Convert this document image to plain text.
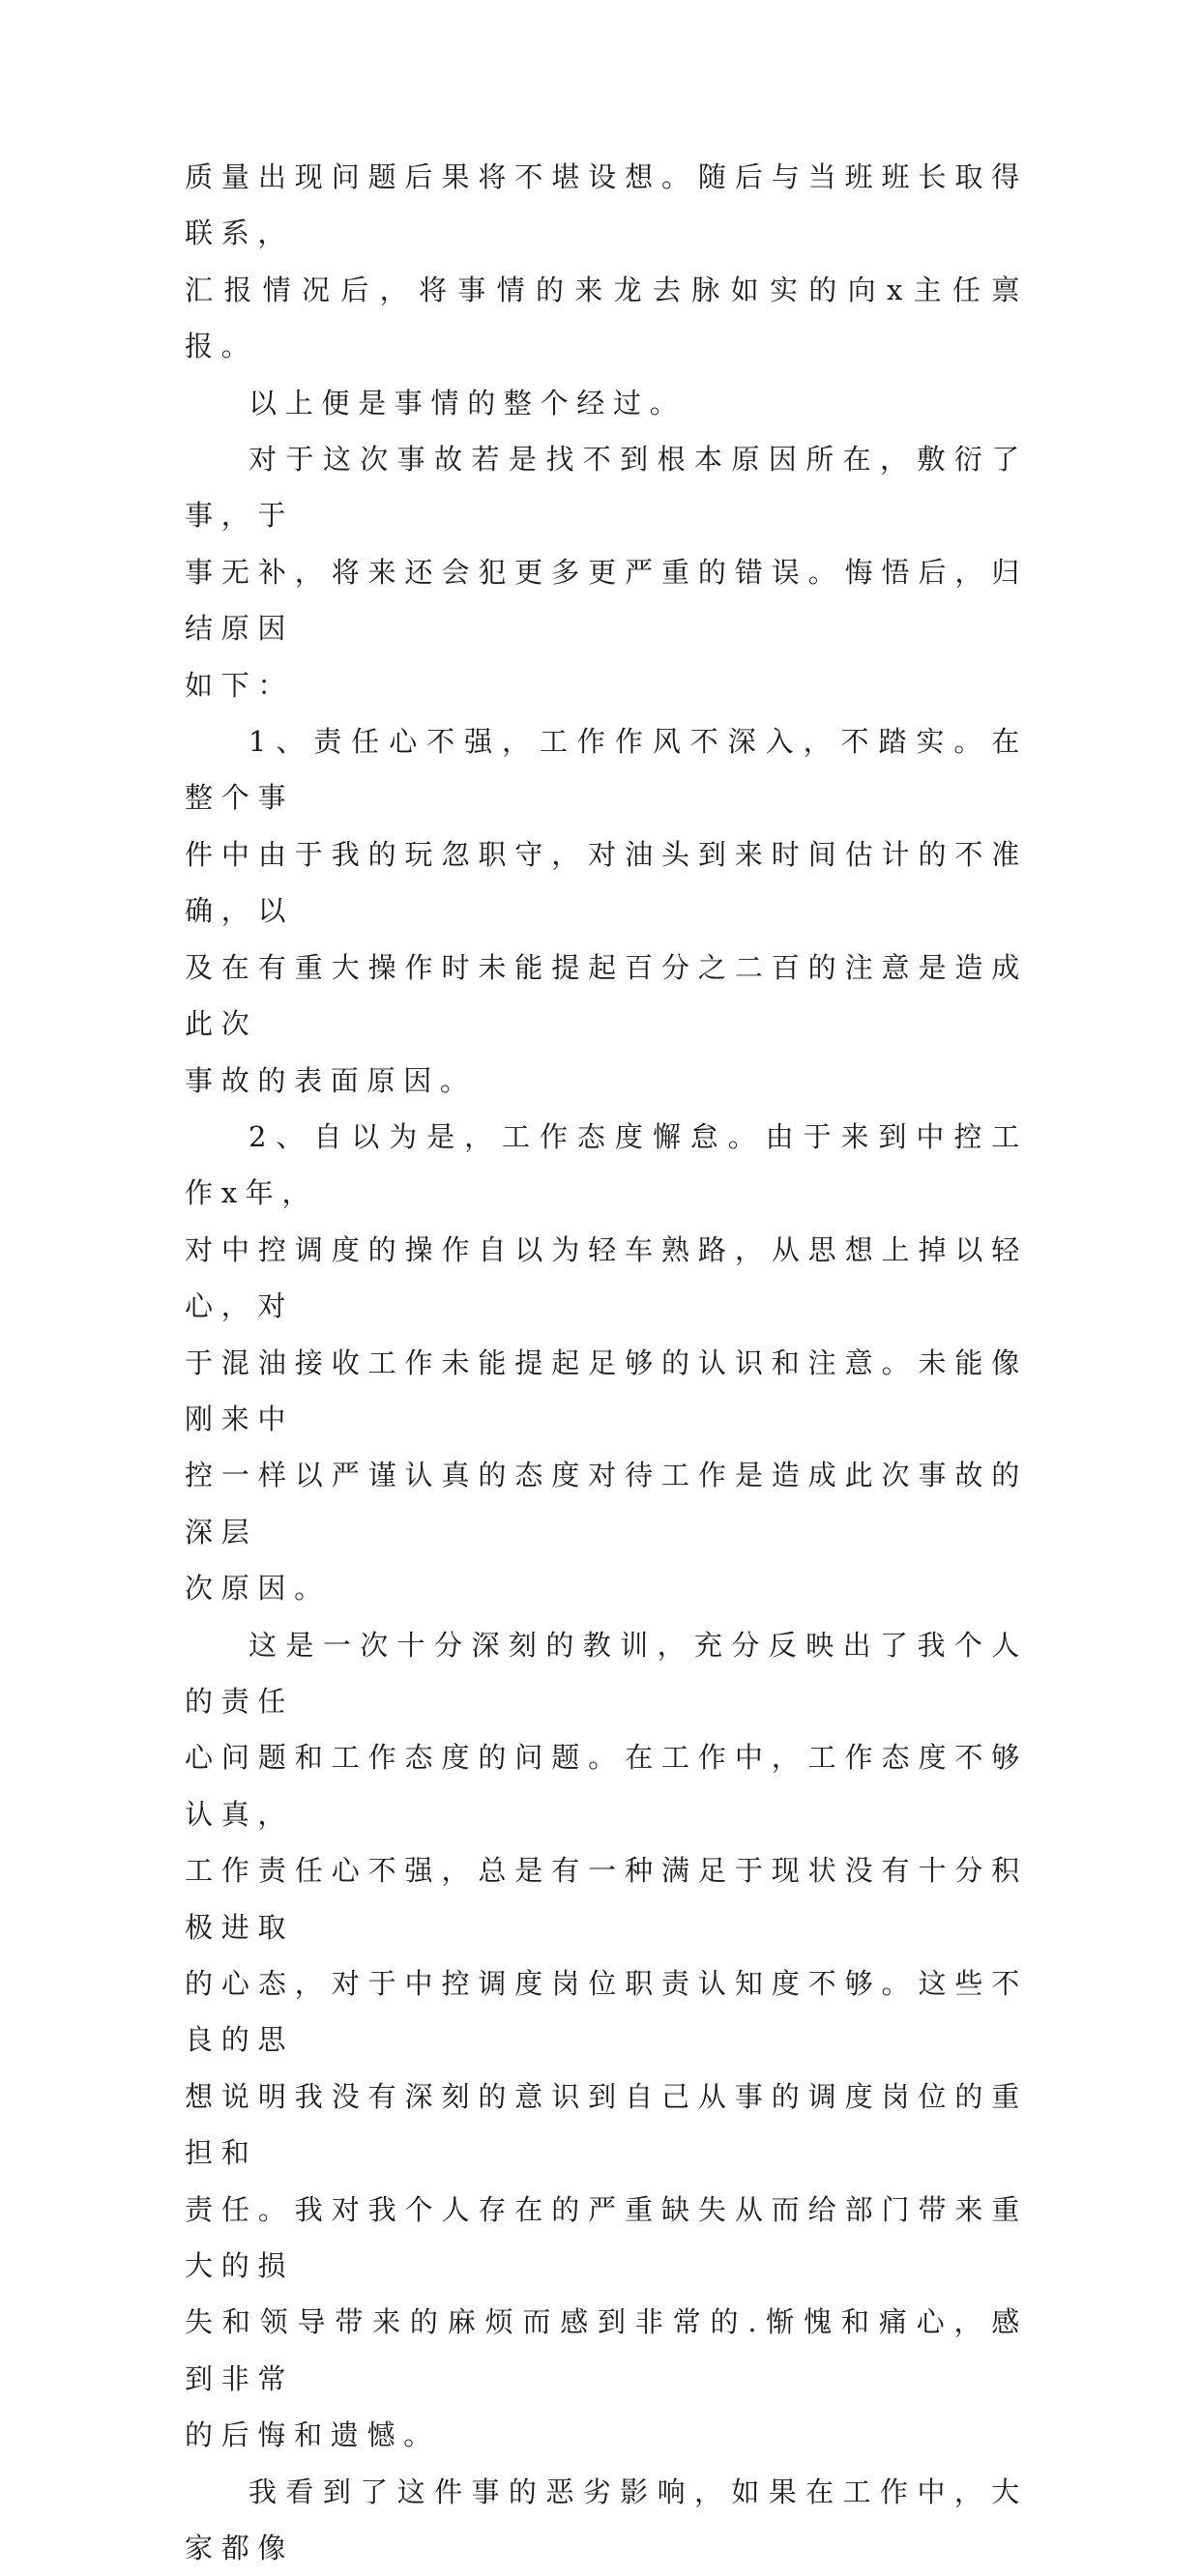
质量出现问题后果将不堪设想。随后与当班班长取得联系，
汇报情况后，将事情的来龙去脉如实的向x主任禀报。

以上便是事情的整个经过。

对于这次事故若是找不到根本原因所在，敷衍了事，于
事无补，将来还会犯更多更严重的错误。悔悟后，归结原因
如下：

1、责任心不强，工作作风不深入，不踏实。在整个事
件中由于我的玩忽职守，对油头到来时间估计的不准确，以
及在有重大操作时未能提起百分之二百的注意是造成此次
事故的表面原因。

2、自以为是，工作态度懈怠。由于来到中控工作x年，
对中控调度的操作自以为轻车熟路，从思想上掉以轻心，对
于混油接收工作未能提起足够的认识和注意。未能像刚来中
控一样以严谨认真的态度对待工作是造成此次事故的深层
次原因。

这是一次十分深刻的教训，充分反映出了我个人的责任
心问题和工作态度的问题。在工作中，工作态度不够认真，
工作责任心不强，总是有一种满足于现状没有十分积极进取
的心态，对于中控调度岗位职责认知度不够。这些不良的思
想说明我没有深刻的意识到自己从事的调度岗位的重担和
责任。我对我个人存在的严重缺失从而给部门带来重大的损
失和领导带来的麻烦而感到非常的.惭愧和痛心，感到非常
的后悔和遗憾。

我看到了这件事的恶劣影响，如果在工作中，大家都像
